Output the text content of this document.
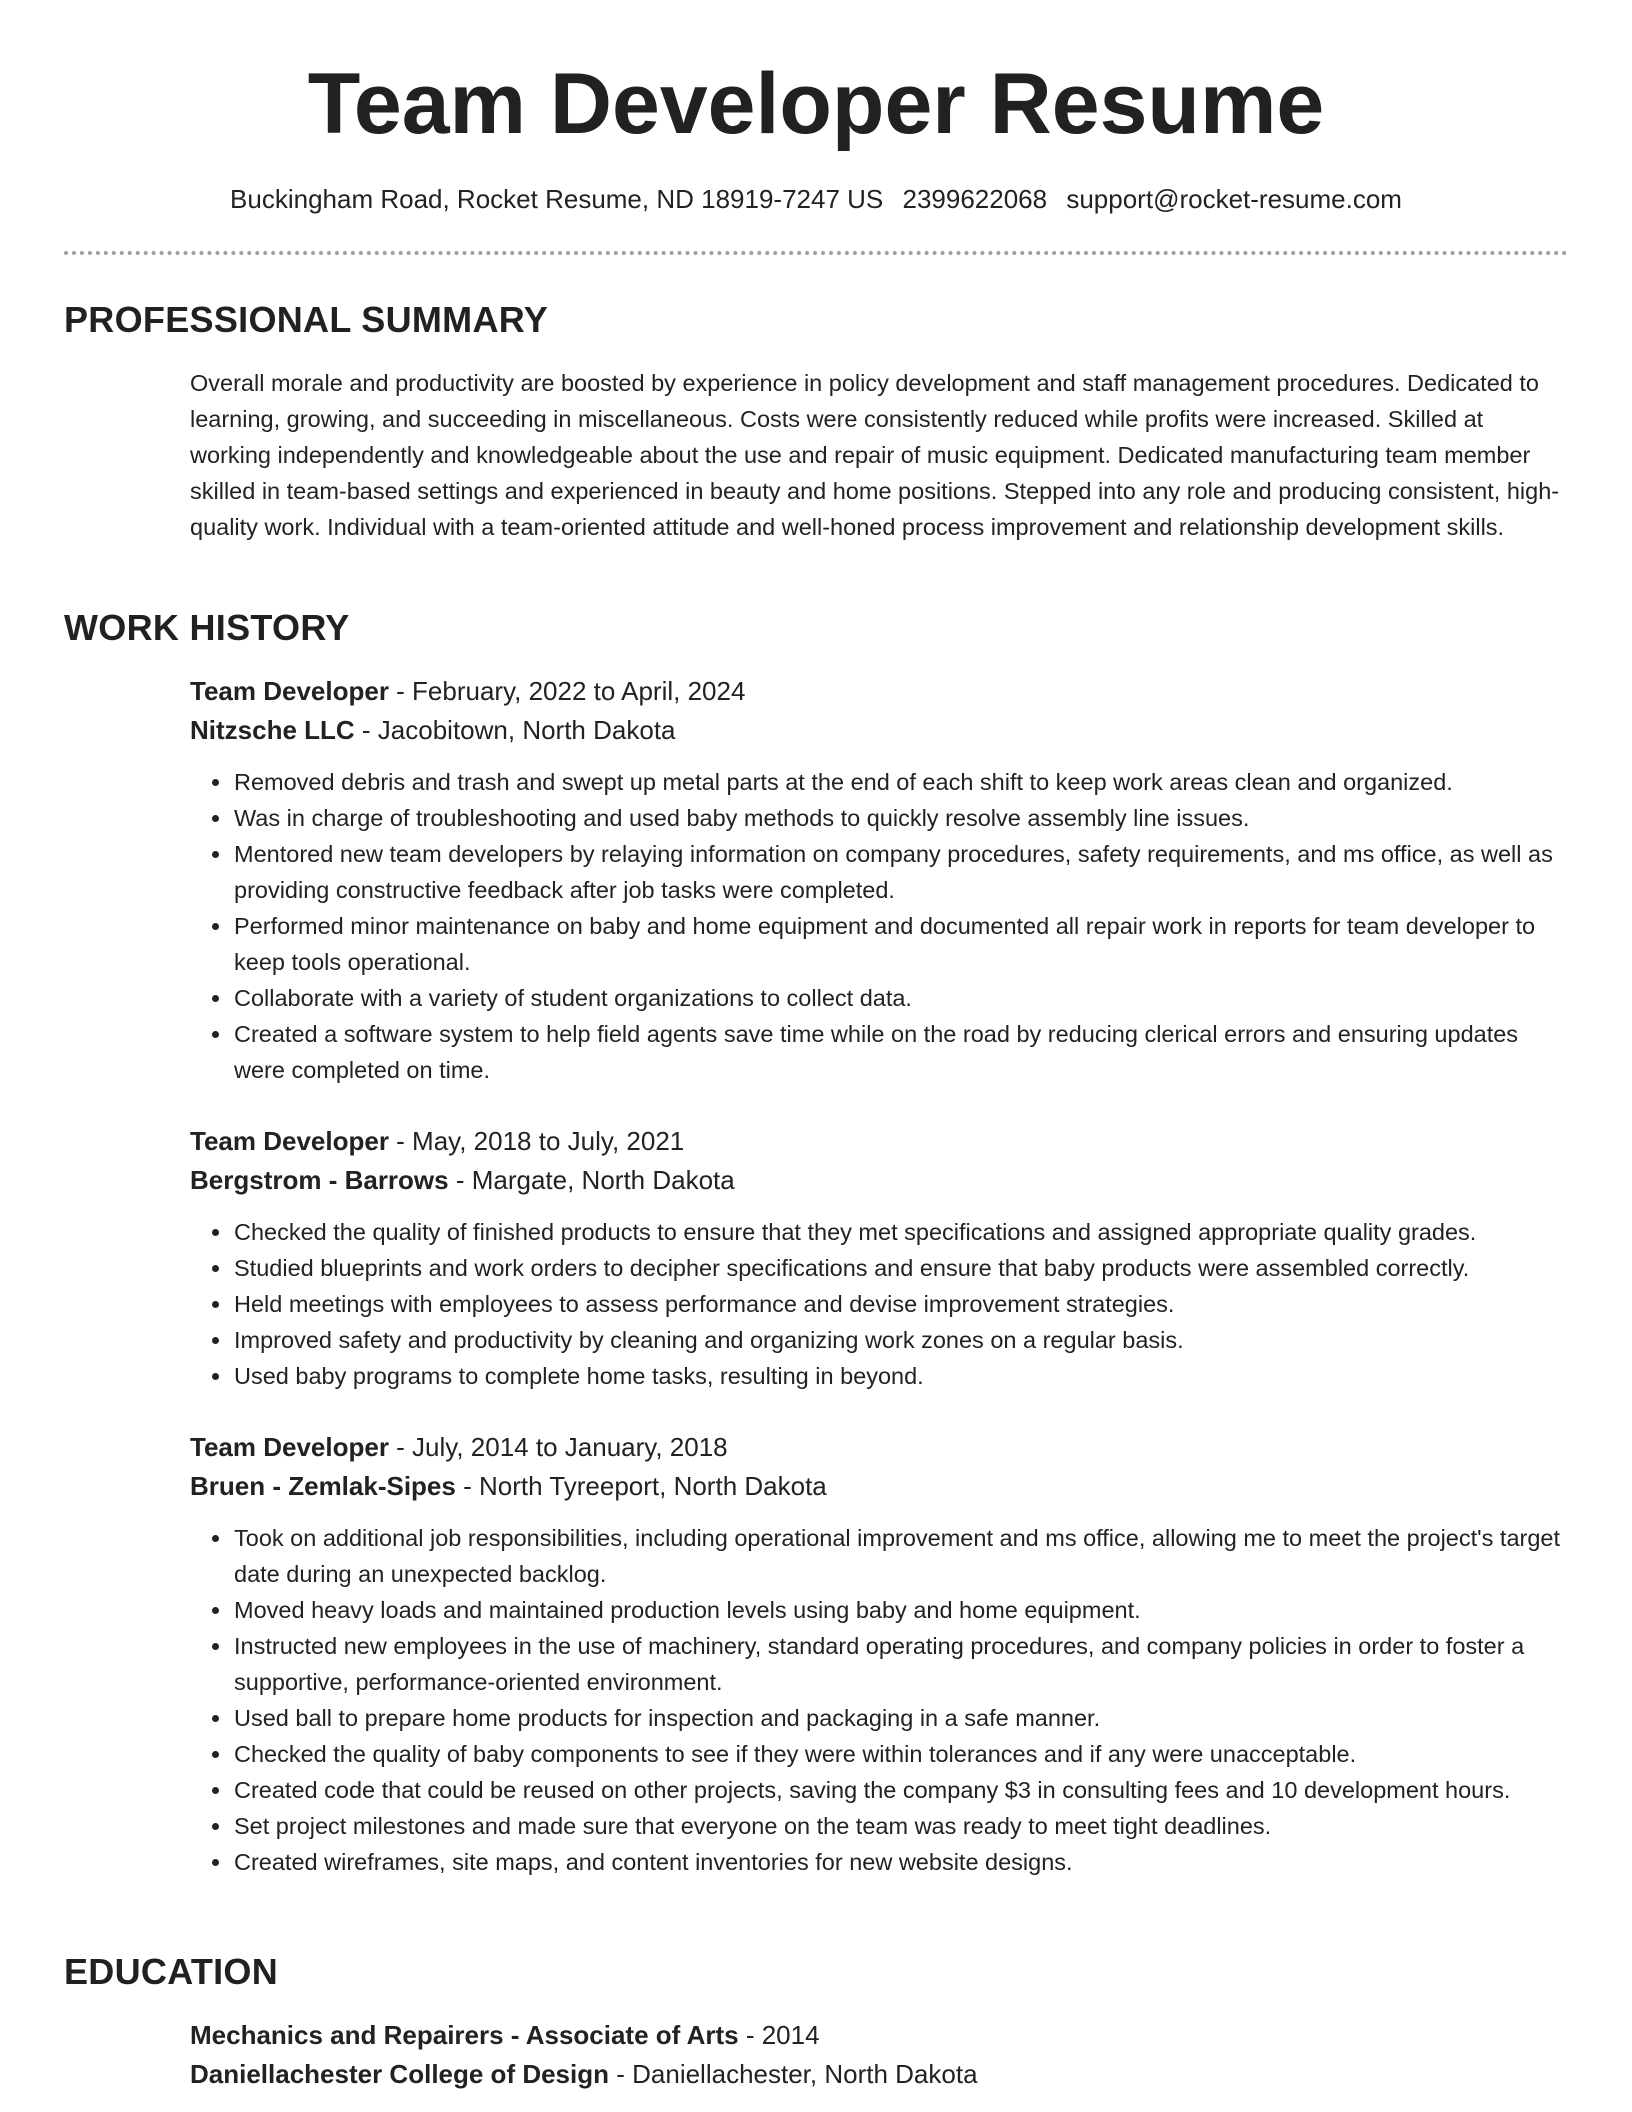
Team Developer Resume
Buckingham Road, Rocket Resume, ND 18919-7247 US 2399622068 support@rocket-resume.com
PROFESSIONAL SUMMARY

Overall morale and productivity are boosted by experience in policy development and staff management procedures. Dedicated to learning, growing, and succeeding in miscellaneous. Costs were consistently reduced while profits were increased. Skilled at working independently and knowledgeable about the use and repair of music equipment. Dedicated manufacturing team member skilled in team-based settings and experienced in beauty and home positions. Stepped into any role and producing consistent, high-quality work. Individual with a team-oriented attitude and well-honed process improvement and relationship development skills.

WORK HISTORY
Team Developer - February, 2022 to April, 2024
Nitzsche LLC - Jacobitown, North Dakota
• Removed debris and trash and swept up metal parts at the end of each shift to keep work areas clean and organized.
• Was in charge of troubleshooting and used baby methods to quickly resolve assembly line issues.
• Mentored new team developers by relaying information on company procedures, safety requirements, and ms office, as well as providing constructive feedback after job tasks were completed.
• Performed minor maintenance on baby and home equipment and documented all repair work in reports for team developer to keep tools operational.
• Collaborate with a variety of student organizations to collect data.
• Created a software system to help field agents save time while on the road by reducing clerical errors and ensuring updates were completed on time.
Team Developer - May, 2018 to July, 2021
Bergstrom - Barrows - Margate, North Dakota
• Checked the quality of finished products to ensure that they met specifications and assigned appropriate quality grades.
• Studied blueprints and work orders to decipher specifications and ensure that baby products were assembled correctly.
• Held meetings with employees to assess performance and devise improvement strategies.
• Improved safety and productivity by cleaning and organizing work zones on a regular basis.
• Used baby programs to complete home tasks, resulting in beyond.
Team Developer - July, 2014 to January, 2018
Bruen - Zemlak-Sipes - North Tyreeport, North Dakota
• Took on additional job responsibilities, including operational improvement and ms office, allowing me to meet the project's target date during an unexpected backlog.
• Moved heavy loads and maintained production levels using baby and home equipment.
• Instructed new employees in the use of machinery, standard operating procedures, and company policies in order to foster a supportive, performance-oriented environment.
• Used ball to prepare home products for inspection and packaging in a safe manner.
• Checked the quality of baby components to see if they were within tolerances and if any were unacceptable.
• Created code that could be reused on other projects, saving the company $3 in consulting fees and 10 development hours.
• Set project milestones and made sure that everyone on the team was ready to meet tight deadlines.
• Created wireframes, site maps, and content inventories for new website designs.
EDUCATION
Mechanics and Repairers - Associate of Arts - 2014
Daniellachester College of Design - Daniellachester, North Dakota
